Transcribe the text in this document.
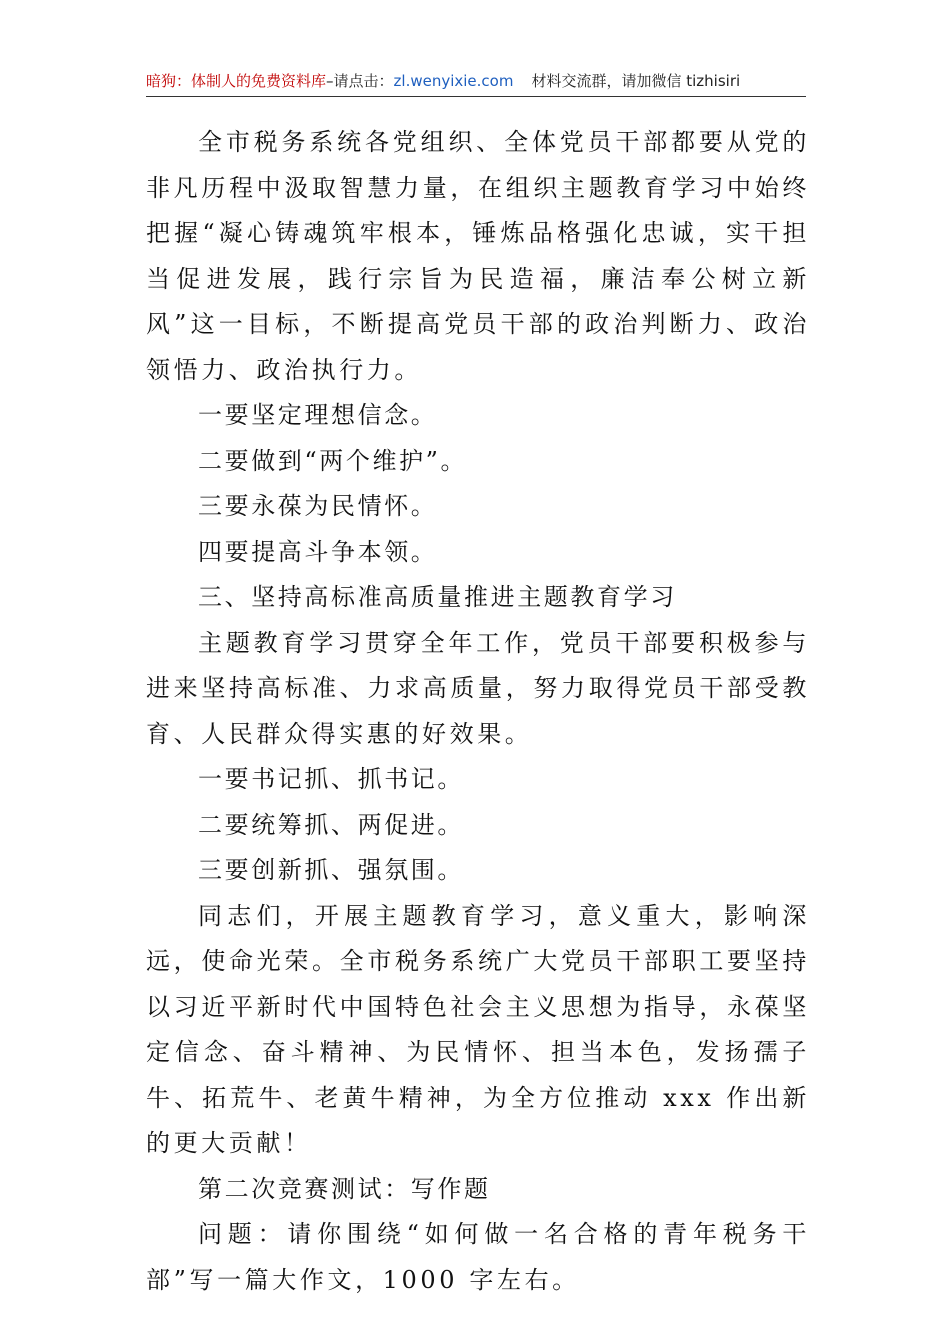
暗狗：体制人的免费资料库–请点击：zl.wenyixie.com 材料交流群，请加微信 tizhisiri

全市税务系统各党组织、全体党员干部都要从党的非凡历程中汲取智慧力量，在组织主题教育学习中始终把握“凝心铸魂筑牢根本，锤炼品格强化忠诚，实干担当促进发展，践行宗旨为民造福，廉洁奉公树立新风”这一目标，不断提高党员干部的政治判断力、政治领悟力、政治执行力。

一要坚定理想信念。

二要做到“两个维护”。

三要永葆为民情怀。

四要提高斗争本领。

三、坚持高标准高质量推进主题教育学习

主题教育学习贯穿全年工作，党员干部要积极参与进来坚持高标准、力求高质量，努力取得党员干部受教育、人民群众得实惠的好效果。

一要书记抓、抓书记。

二要统筹抓、两促进。

三要创新抓、强氛围。

同志们，开展主题教育学习，意义重大，影响深远，使命光荣。全市税务系统广大党员干部职工要坚持以习近平新时代中国特色社会主义思想为指导，永葆坚定信念、奋斗精神、为民情怀、担当本色，发扬孺子牛、拓荒牛、老黄牛精神，为全方位推动 xxx 作出新的更大贡献！

第二次竞赛测试：写作题

问题：请你围绕“如何做一名合格的青年税务干部”写一篇大作文，1000 字左右。
